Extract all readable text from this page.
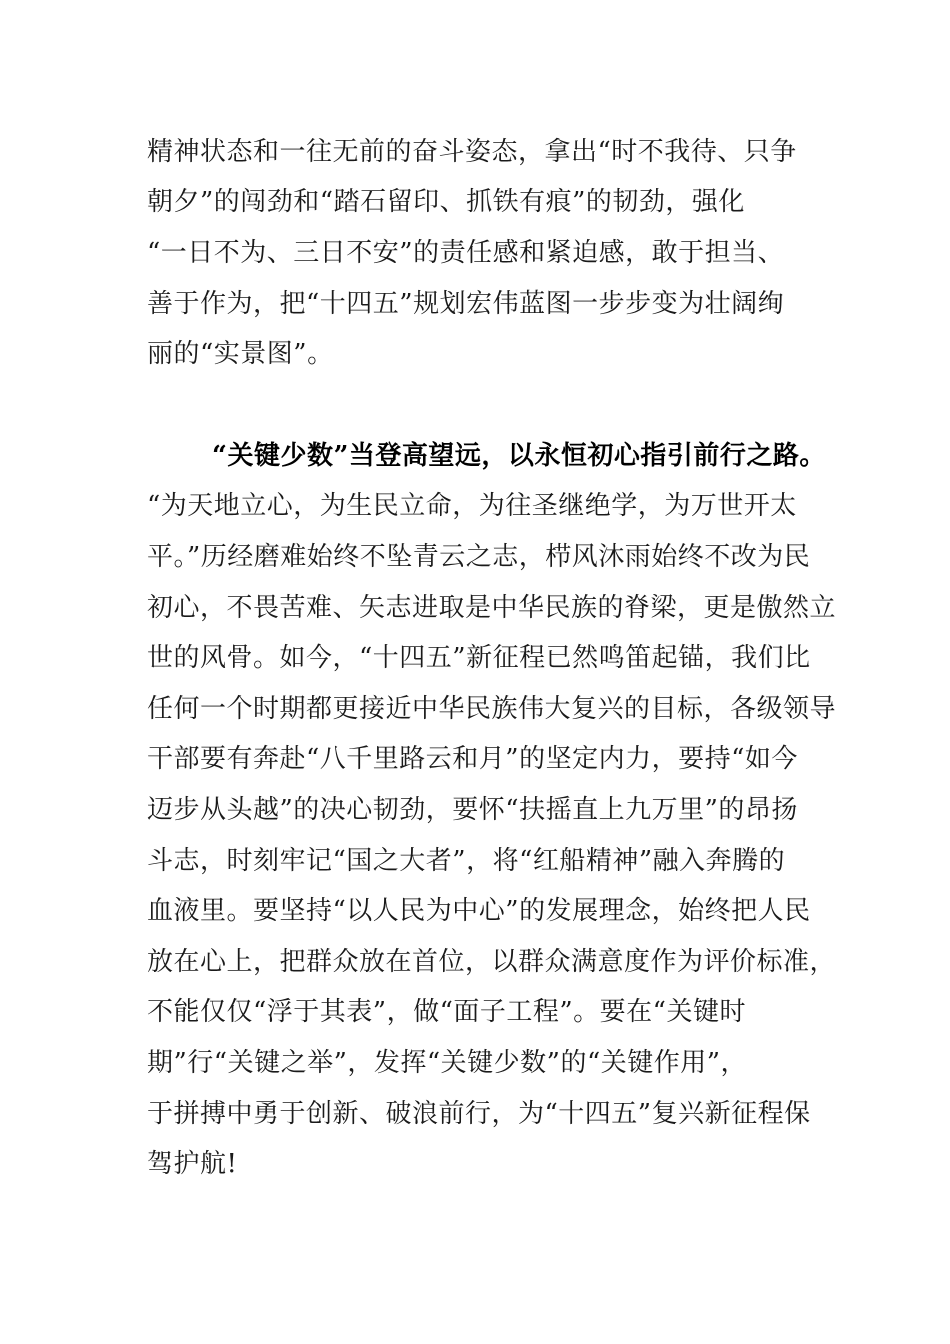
精神状态和一往无前的奋斗姿态，拿出“时不我待、只争
朝夕”的闯劲和“踏石留印、抓铁有痕”的韧劲，强化
“一日不为、三日不安”的责任感和紧迫感，敢于担当、
善于作为，把“十四五”规划宏伟蓝图一步步变为壮阔绚
丽的“实景图”。
“关键少数”当登高望远，以永恒初心指引前行之路。
“为天地立心，为生民立命，为往圣继绝学，为万世开太
平。”历经磨难始终不坠青云之志，栉风沐雨始终不改为民
初心，不畏苦难、矢志进取是中华民族的脊梁，更是傲然立
世的风骨。如今，“十四五”新征程已然鸣笛起锚，我们比
任何一个时期都更接近中华民族伟大复兴的目标，各级领导
干部要有奔赴“八千里路云和月”的坚定内力，要持“如今
迈步从头越”的决心韧劲，要怀“扶摇直上九万里”的昂扬
斗志，时刻牢记“国之大者”，将“红船精神”融入奔腾的
血液里。要坚持“以人民为中心”的发展理念，始终把人民
放在心上，把群众放在首位，以群众满意度作为评价标准，
不能仅仅“浮于其表”，做“面子工程”。要在“关键时
期”行“关键之举”，发挥“关键少数”的“关键作用”，
于拼搏中勇于创新、破浪前行，为“十四五”复兴新征程保
驾护航!
